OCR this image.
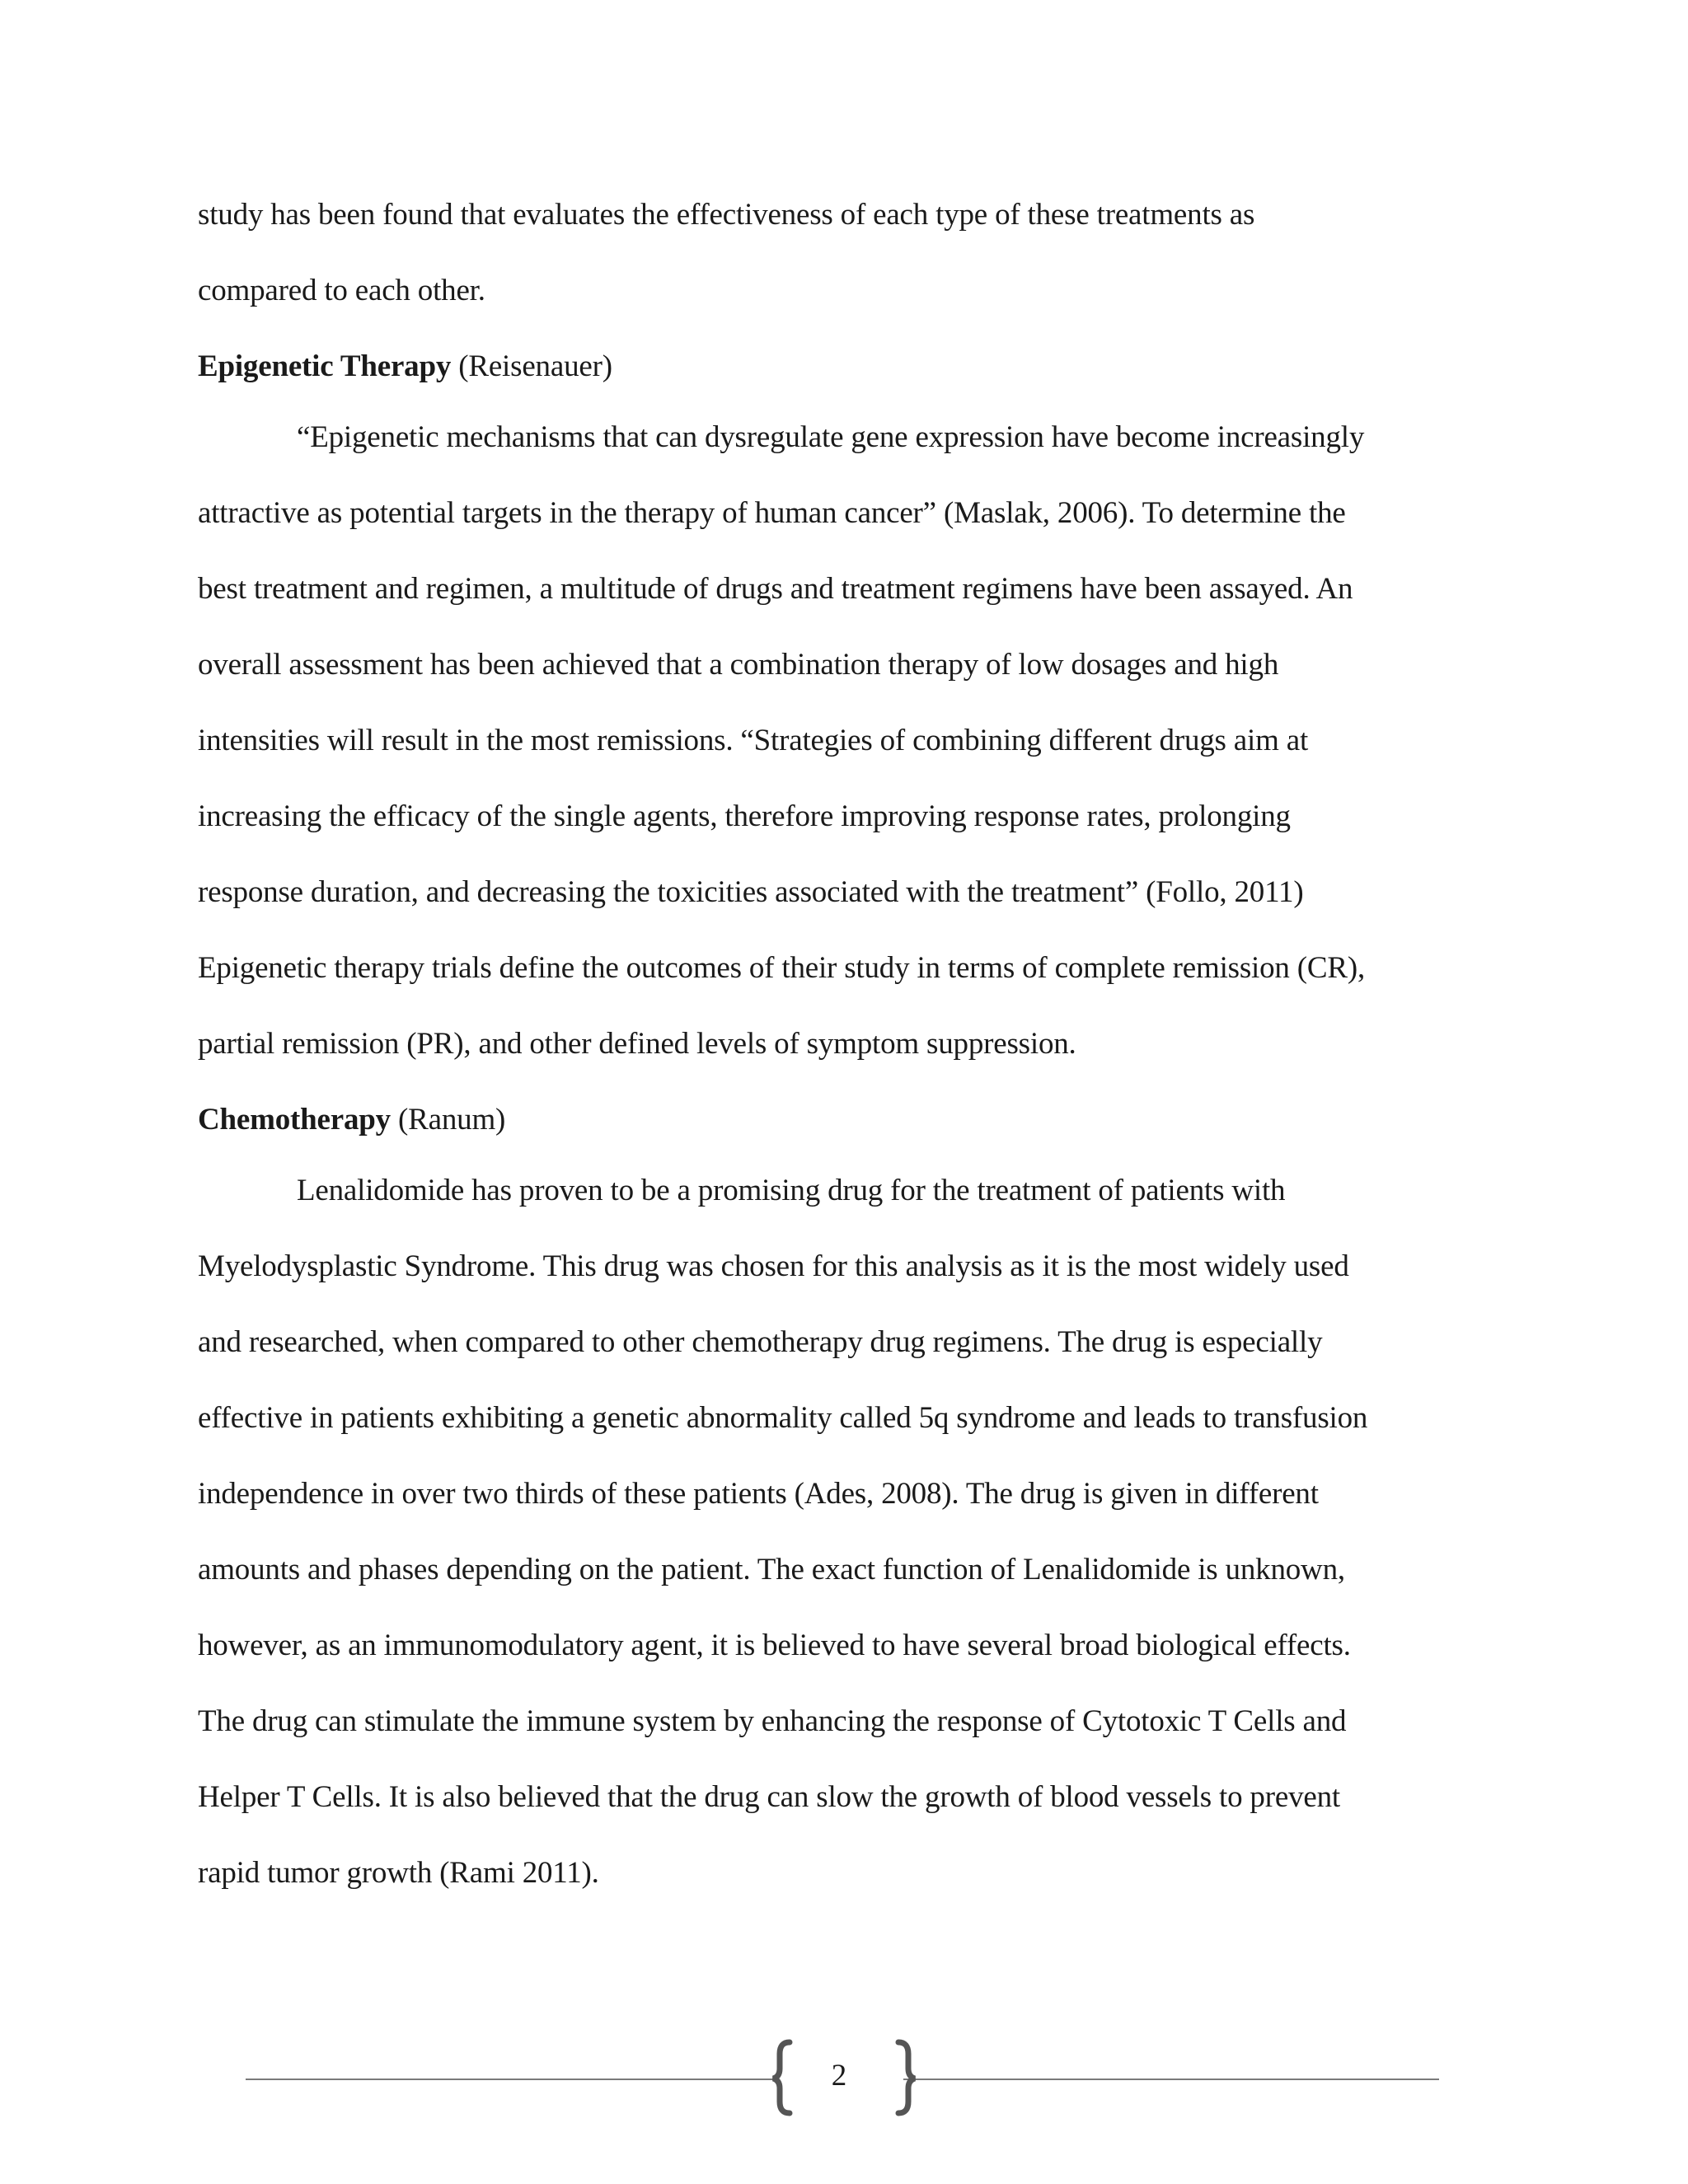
study has been found that evaluates the effectiveness of each type of these treatments as
compared to each other.
Epigenetic Therapy (Reisenauer)
“Epigenetic mechanisms that can dysregulate gene expression have become increasingly
attractive as potential targets in the therapy of human cancer” (Maslak, 2006). To determine the
best treatment and regimen, a multitude of drugs and treatment regimens have been assayed. An
overall assessment has been achieved that a combination therapy of low dosages and high
intensities will result in the most remissions. “Strategies of combining different drugs aim at
increasing the efficacy of the single agents, therefore improving response rates, prolonging
response duration, and decreasing the toxicities associated with the treatment” (Follo, 2011)
Epigenetic therapy trials define the outcomes of their study in terms of complete remission (CR),
partial remission (PR), and other defined levels of symptom suppression.
Chemotherapy (Ranum)
Lenalidomide has proven to be a promising drug for the treatment of patients with
Myelodysplastic Syndrome. This drug was chosen for this analysis as it is the most widely used
and researched, when compared to other chemotherapy drug regimens. The drug is especially
effective in patients exhibiting a genetic abnormality called 5q syndrome and leads to transfusion
independence in over two thirds of these patients (Ades, 2008). The drug is given in different
amounts and phases depending on the patient. The exact function of Lenalidomide is unknown,
however, as an immunomodulatory agent, it is believed to have several broad biological effects.
The drug can stimulate the immune system by enhancing the response of Cytotoxic T Cells and
Helper T Cells. It is also believed that the drug can slow the growth of blood vessels to prevent
rapid tumor growth (Rami 2011).
2
